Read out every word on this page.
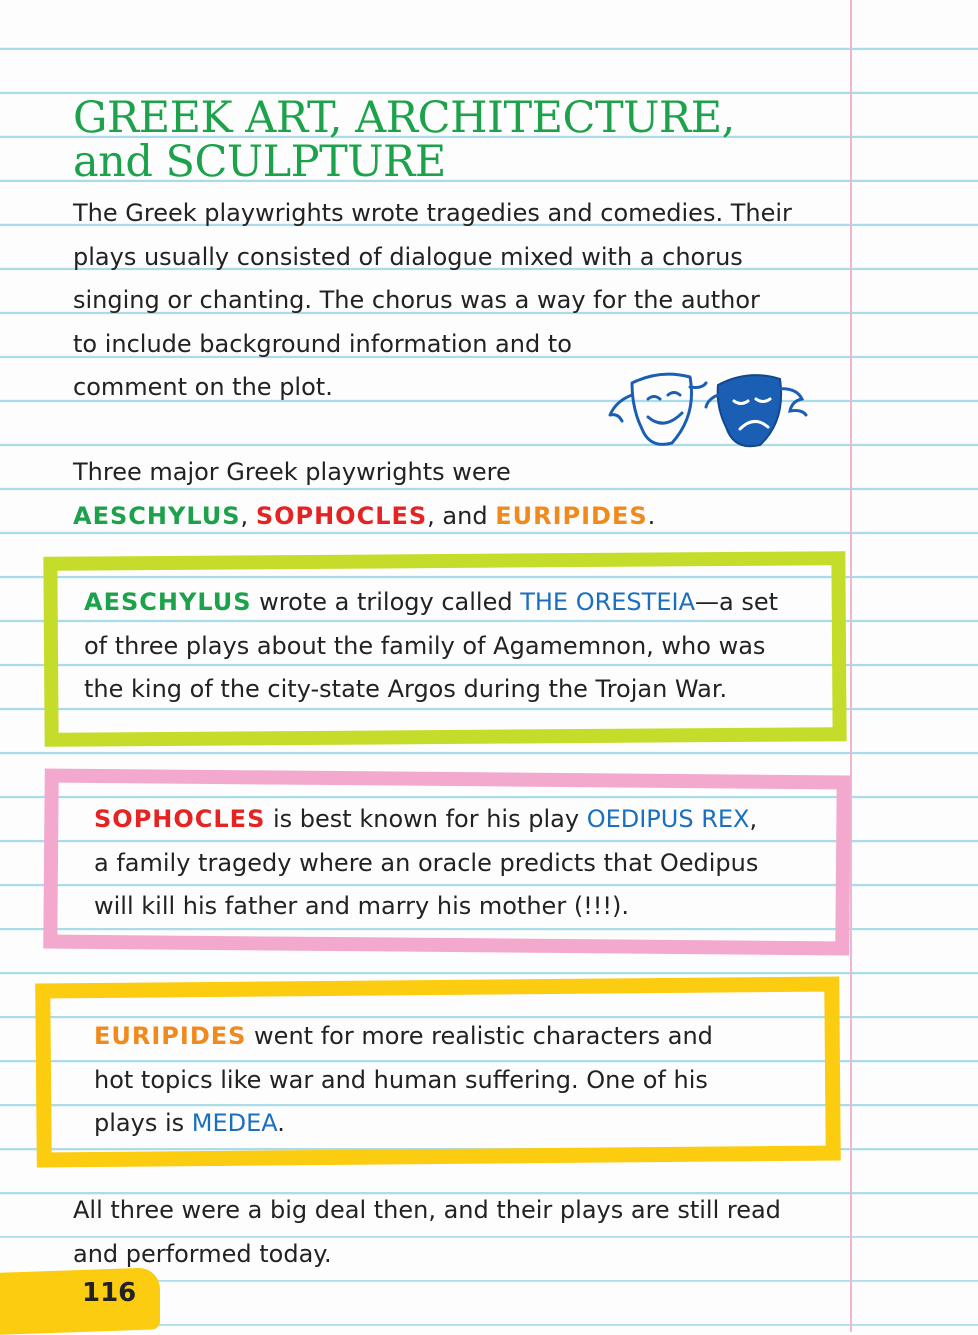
GREEK ART, ARCHITECTURE,
and SCULPTURE

The Greek playwrights wrote tragedies and comedies. Their
plays usually consisted of dialogue mixed with a chorus
singing or chanting. The chorus was a way for the author
to include background information and to
comment on the plot.

Three major Greek playwrights were
AESCHYLUS, SOPHOCLES, and EURIPIDES.

AESCHYLUS wrote a trilogy called THE ORESTEIA—a set
of three plays about the family of Agamemnon, who was
the king of the city-state Argos during the Trojan War.

SOPHOCLES is best known for his play OEDIPUS REX,
a family tragedy where an oracle predicts that Oedipus
will kill his father and marry his mother (!!!).

EURIPIDES went for more realistic characters and
hot topics like war and human suffering. One of his
plays is MEDEA.

All three were a big deal then, and their plays are still read
and performed today.

116
